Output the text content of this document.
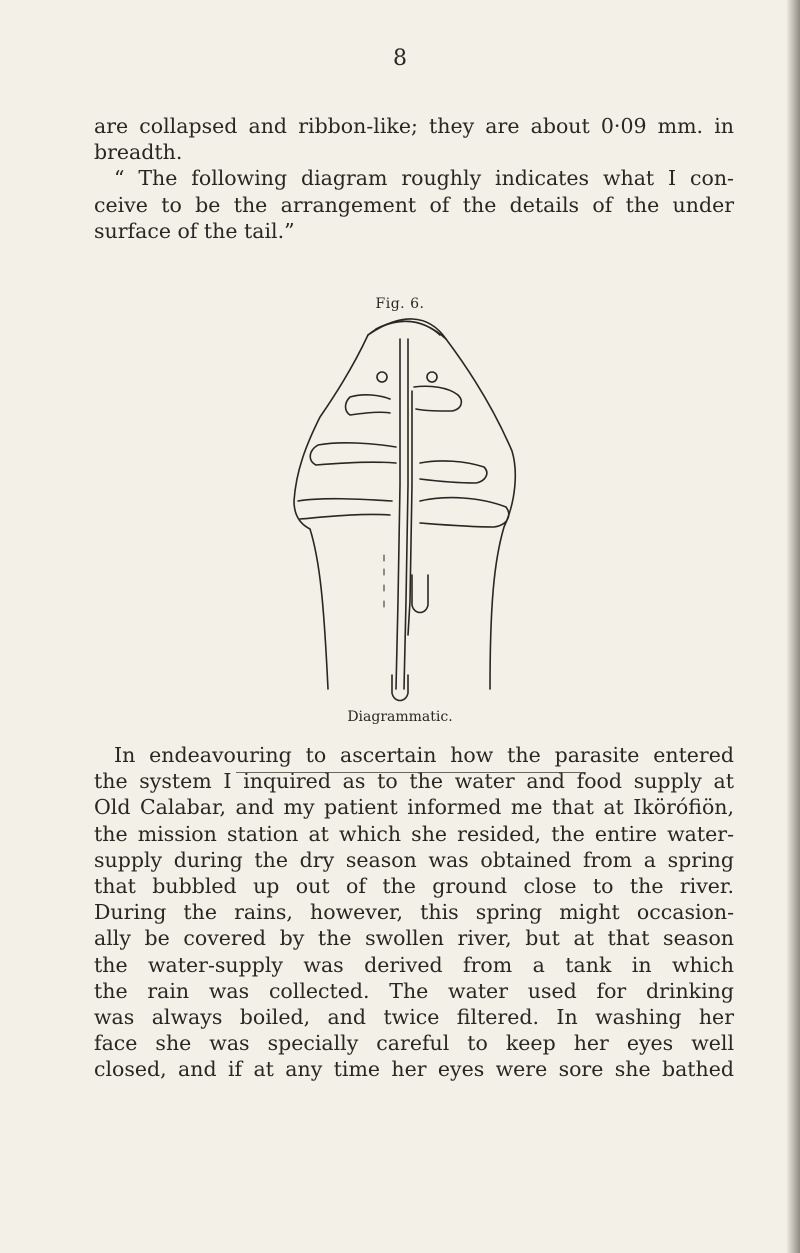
8
are collapsed and ribbon-like; they are about 0·09 mm. in
breadth.
“ The following diagram roughly indicates what I con-
ceive to be the arrangement of the details of the under
surface of the tail.”
Fig. 6.
Diagrammatic.
In endeavouring to ascertain how the parasite entered
the system I inquired as to the water and food supply at
Old Calabar, and my patient informed me that at Ikörófiön,
the mission station at which she resided, the entire water-
supply during the dry season was obtained from a spring
that bubbled up out of the ground close to the river.
During the rains, however, this spring might occasion-
ally be covered by the swollen river, but at that season
the water-supply was derived from a tank in which
the rain was collected. The water used for drinking
was always boiled, and twice filtered. In washing her
face she was specially careful to keep her eyes well
closed, and if at any time her eyes were sore she bathed
